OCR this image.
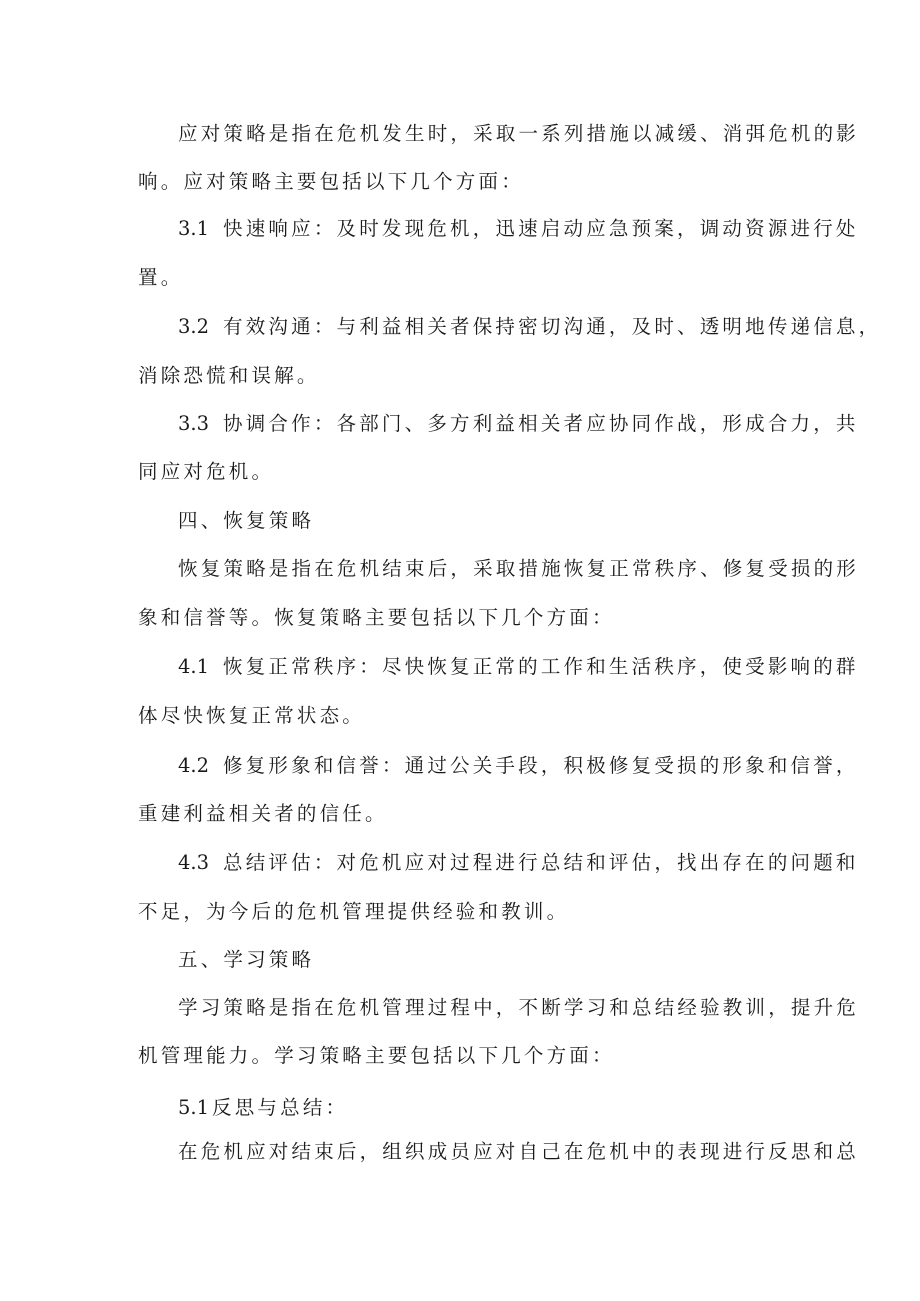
应对策略是指在危机发生时，采取一系列措施以减缓、消弭危机的影
响。应对策略主要包括以下几个方面：
3.1 快速响应：及时发现危机，迅速启动应急预案，调动资源进行处
置。
3.2 有效沟通：与利益相关者保持密切沟通，及时、透明地传递信息，
消除恐慌和误解。
3.3 协调合作：各部门、多方利益相关者应协同作战，形成合力，共
同应对危机。
四、恢复策略
恢复策略是指在危机结束后，采取措施恢复正常秩序、修复受损的形
象和信誉等。恢复策略主要包括以下几个方面：
4.1 恢复正常秩序：尽快恢复正常的工作和生活秩序，使受影响的群
体尽快恢复正常状态。
4.2 修复形象和信誉：通过公关手段，积极修复受损的形象和信誉，
重建利益相关者的信任。
4.3 总结评估：对危机应对过程进行总结和评估，找出存在的问题和
不足，为今后的危机管理提供经验和教训。
五、学习策略
学习策略是指在危机管理过程中，不断学习和总结经验教训，提升危
机管理能力。学习策略主要包括以下几个方面：
5.1 反思与总结：
在危机应对结束后，组织成员应对自己在危机中的表现进行反思和总
